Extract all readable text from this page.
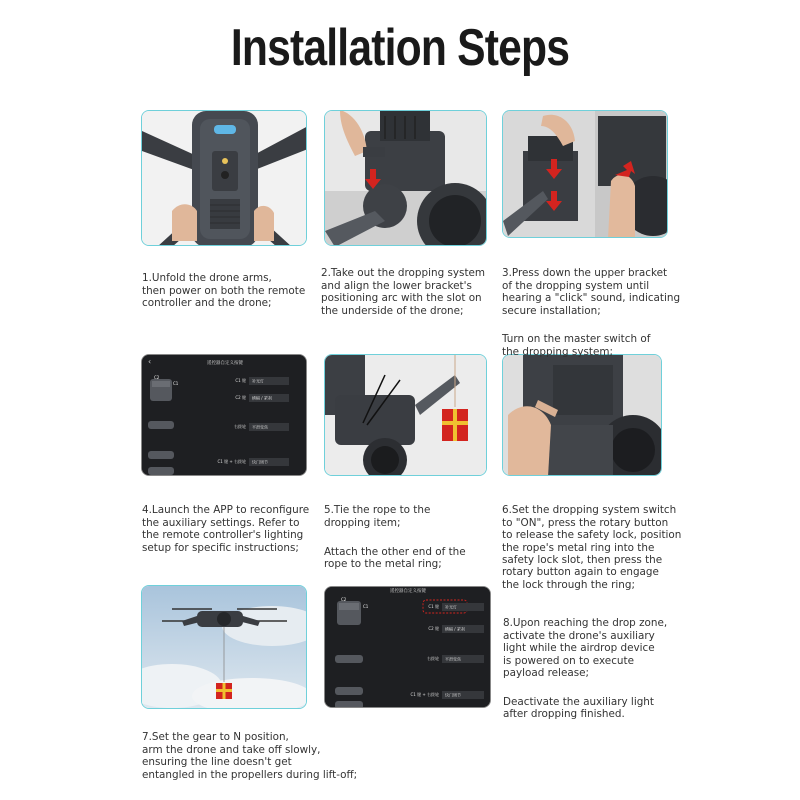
Installation Steps
‹	遥控器自定义按键
C2
C1
C1 键 补光灯
C2 键 横幅 / 紧刹
右拨轮 平滑变焦
C1 键 + 右拨轮 快门调节
遥控器自定义按键
C2
C1	C1 键 补光灯
C2 键 横幅 / 紧刹
右拨轮 平滑变焦
C1 键 + 右拨轮 快门调节

1.Unfold the drone arms,
then power on both the remote
controller and the drone;

2.Take out the dropping system
and align the lower bracket's
positioning arc with the slot on
the underside of the drone;

3.Press down the upper bracket
of the dropping system until
hearing a "click" sound, indicating
secure installation;

Turn on the master switch of
the dropping system;

4.Launch the APP to reconfigure
the auxiliary settings. Refer to
the remote controller's lighting
setup for specific instructions;

5.Tie the rope to the
dropping item;

Attach the other end of the
rope to the metal ring;

6.Set the dropping system switch
to "ON", press the rotary button
to release the safety lock, position
the rope's metal ring into the
safety lock slot, then press the
rotary button again to engage
the lock through the ring;

7.Set the gear to N position,
arm the drone and take off slowly,
ensuring the line doesn't get
entangled in the propellers during lift-off;

8.Upon reaching the drop zone,
activate the drone's auxiliary
light while the airdrop device
is powered on to execute
payload release;

Deactivate the auxiliary light
after dropping finished.
